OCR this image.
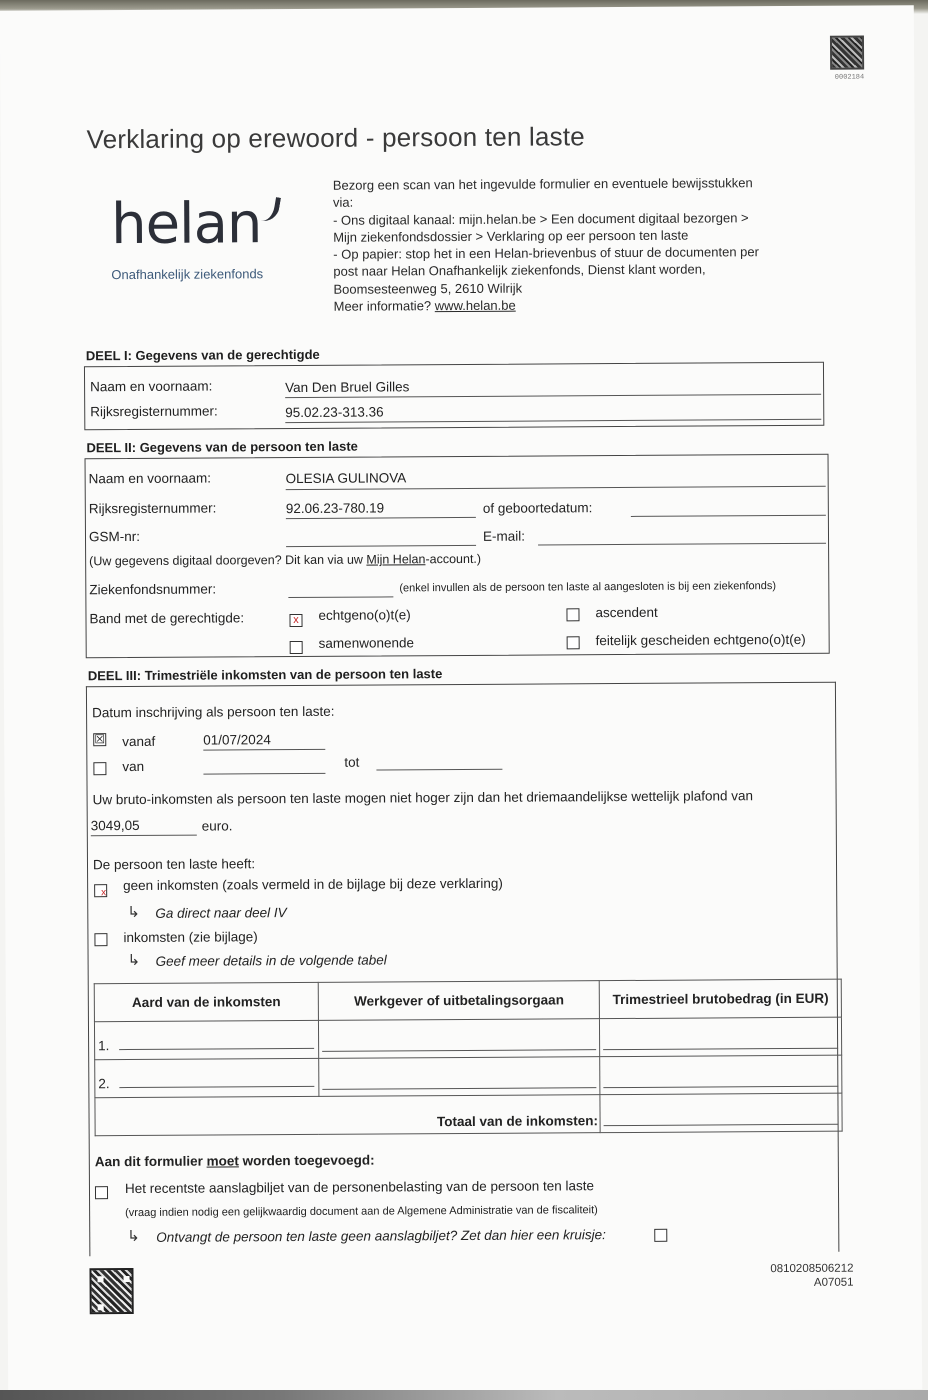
0002184
Verklaring op erewoord - persoon ten laste
helan
Onafhankelijk ziekenfonds
Bezorg een scan van het ingevulde formulier en eventuele bewijsstukken
via:
- Ons digitaal kanaal: mijn.helan.be > Een document digitaal bezorgen >
Mijn ziekenfondsdossier > Verklaring op eer persoon ten laste
- Op papier: stop het in een Helan-brievenbus of stuur de documenten per
post naar Helan Onafhankelijk ziekenfonds, Dienst klant worden,
Boomsesteenweg 5, 2610 Wilrijk
Meer informatie? www.helan.be
DEEL I: Gegevens van de gerechtigde
Naam en voornaam:	Van Den Bruel Gilles
Rijksregisternummer:	95.02.23-313.36
DEEL II: Gegevens van de persoon ten laste
Naam en voornaam:	OLESIA GULINOVA
Rijksregisternummer:	92.06.23-780.19	of geboortedatum:
GSM-nr:	E-mail:
(Uw gegevens digitaal doorgeven? Dit kan via uw Mijn Helan-account.)
Ziekenfondsnummer:	(enkel invullen als de persoon ten laste al aangesloten is bij een ziekenfonds)
Band met de gerechtigde:	x echtgeno(o)t(e)	ascendent
samenwonende	feitelijk gescheiden echtgeno(o)t(e)
DEEL III: Trimestriële inkomsten van de persoon ten laste
Datum inschrijving als persoon ten laste:
☒ vanaf	01/07/2024
van	tot
Uw bruto-inkomsten als persoon ten laste mogen niet hoger zijn dan het driemaandelijkse wettelijk plafond van
3049,05	euro.
De persoon ten laste heeft:
x geen inkomsten (zoals vermeld in de bijlage bij deze verklaring)
↳ Ga direct naar deel IV
inkomsten (zie bijlage)
↳ Geef meer details in de volgende tabel
Aard van de inkomsten	Werkgever of uitbetalingsorgaan	Trimestrieel brutobedrag (in EUR)
1.	

2.	

Totaal van de inkomsten:		
Aan dit formulier moet worden toegevoegd:
Het recentste aanslagbiljet van de personenbelasting van de persoon ten laste
(vraag indien nodig een gelijkwaardig document aan de Algemene Administratie van de fiscaliteit)
↳ Ontvangt de persoon ten laste geen aanslagbiljet? Zet dan hier een kruisje:
0810208506212
A07051
